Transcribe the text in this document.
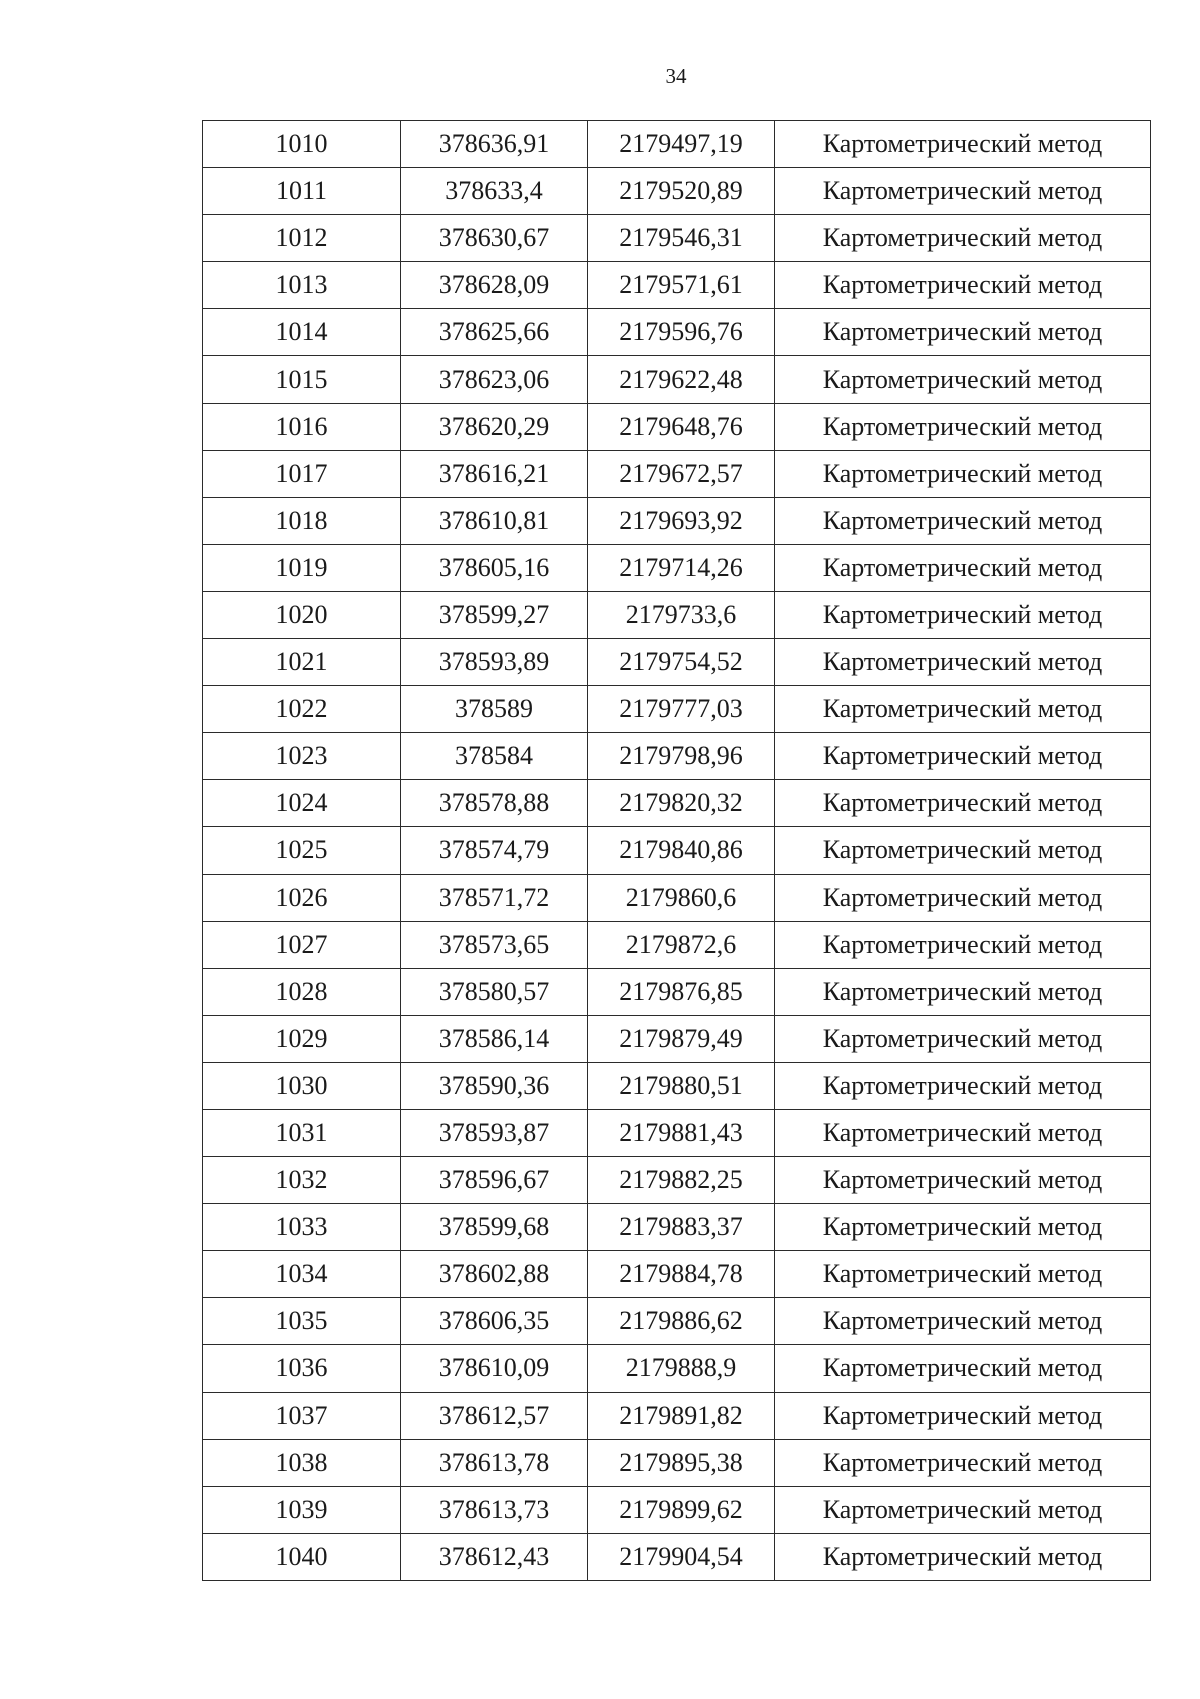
34
1010	378636,91	2179497,19	Картометрический метод
1011	378633,4	2179520,89	Картометрический метод
1012	378630,67	2179546,31	Картометрический метод
1013	378628,09	2179571,61	Картометрический метод
1014	378625,66	2179596,76	Картометрический метод
1015	378623,06	2179622,48	Картометрический метод
1016	378620,29	2179648,76	Картометрический метод
1017	378616,21	2179672,57	Картометрический метод
1018	378610,81	2179693,92	Картометрический метод
1019	378605,16	2179714,26	Картометрический метод
1020	378599,27	2179733,6	Картометрический метод
1021	378593,89	2179754,52	Картометрический метод
1022	378589	2179777,03	Картометрический метод
1023	378584	2179798,96	Картометрический метод
1024	378578,88	2179820,32	Картометрический метод
1025	378574,79	2179840,86	Картометрический метод
1026	378571,72	2179860,6	Картометрический метод
1027	378573,65	2179872,6	Картометрический метод
1028	378580,57	2179876,85	Картометрический метод
1029	378586,14	2179879,49	Картометрический метод
1030	378590,36	2179880,51	Картометрический метод
1031	378593,87	2179881,43	Картометрический метод
1032	378596,67	2179882,25	Картометрический метод
1033	378599,68	2179883,37	Картометрический метод
1034	378602,88	2179884,78	Картометрический метод
1035	378606,35	2179886,62	Картометрический метод
1036	378610,09	2179888,9	Картометрический метод
1037	378612,57	2179891,82	Картометрический метод
1038	378613,78	2179895,38	Картометрический метод
1039	378613,73	2179899,62	Картометрический метод
1040	378612,43	2179904,54	Картометрический метод
